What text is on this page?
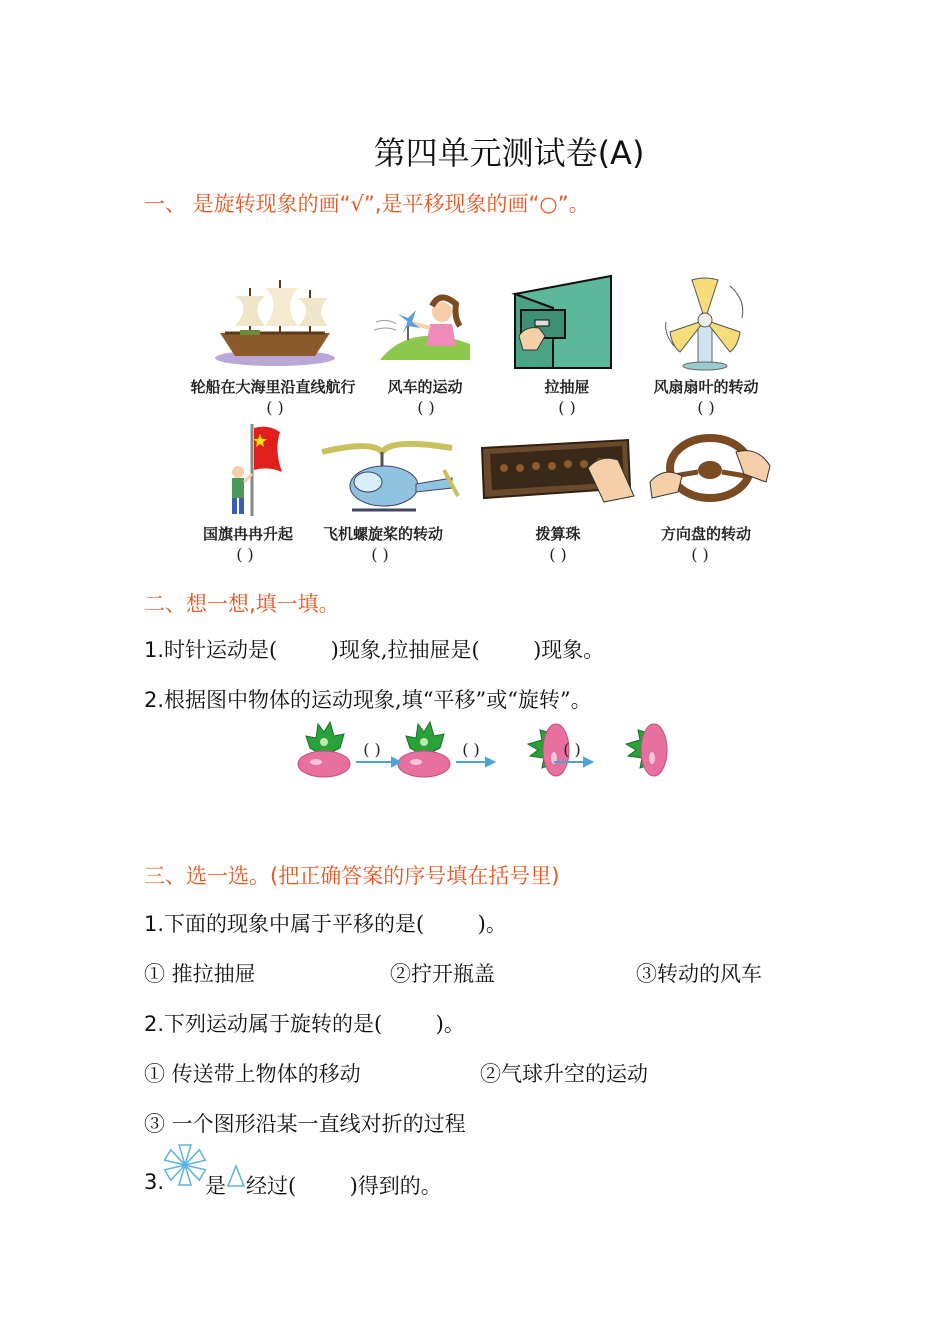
第四单元测试卷(A)
一、 是旋转现象的画“√”,是平移现象的画“○”。
轮船在大海里沿直线航行
( )
风车的运动
( )
拉抽屉
( )
风扇扇叶的转动
( )
国旗冉冉升起
( )
飞机螺旋桨的转动
( )
拨算珠
( )
方向盘的转动
( )
二、想一想,填一填。
1.时针运动是(        )现象,拉抽屉是(        )现象。
2.根据图中物体的运动现象,填“平移”或“旋转”。
( )	( )	( )
三、选一选。(把正确答案的序号填在括号里)
1.下面的现象中属于平移的是(        )。
① 推拉抽屉	②拧开瓶盖	③转动的风车
2.下列运动属于旋转的是(        )。
① 传送带上物体的移动	②气球升空的运动
③ 一个图形沿某一直线对折的过程
3. 是 经过(        )得到的。
